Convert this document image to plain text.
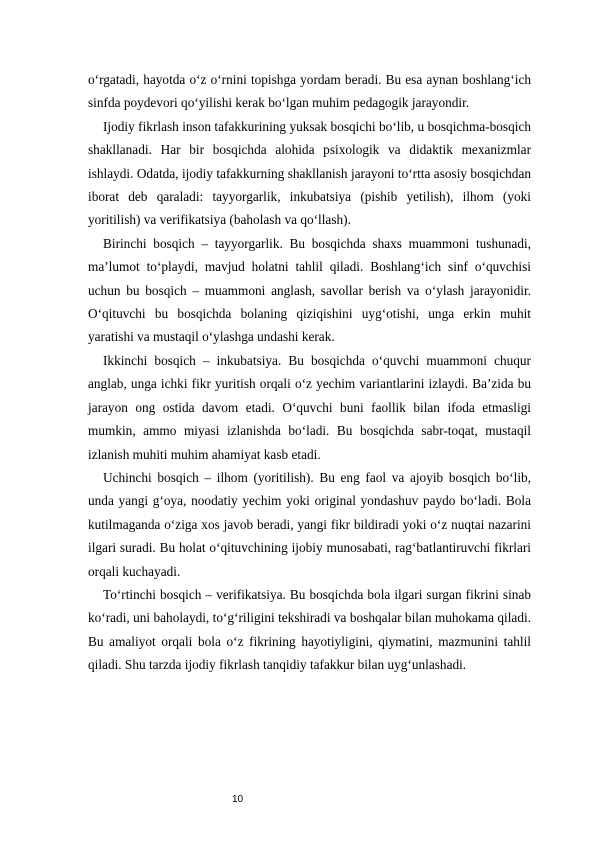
o‘rgatadi, hayotda o‘z o‘rnini topishga yordam beradi. Bu esa aynan boshlang‘ich sinfda poydevori qo‘yilishi kerak bo‘lgan muhim pedagogik jarayondir.

Ijodiy fikrlash inson tafakkurining yuksak bosqichi bo‘lib, u bosqichma-bosqich shakllanadi. Har bir bosqichda alohida psixologik va didaktik mexanizmlar ishlaydi. Odatda, ijodiy tafakkurning shakllanish jarayoni to‘rtta asosiy bosqichdan iborat deb qaraladi: tayyorgarlik, inkubatsiya (pishib yetilish), ilhom (yoki yoritilish) va verifikatsiya (baholash va qo‘llash).

Birinchi bosqich – tayyorgarlik. Bu bosqichda shaxs muammoni tushunadi, ma’lumot to‘playdi, mavjud holatni tahlil qiladi. Boshlang‘ich sinf o‘quvchisi uchun bu bosqich – muammoni anglash, savollar berish va o‘ylash jarayonidir. O‘qituvchi bu bosqichda bolaning qiziqishini uyg‘otishi, unga erkin muhit yaratishi va mustaqil o‘ylashga undashi kerak.

Ikkinchi bosqich – inkubatsiya. Bu bosqichda o‘quvchi muammoni chuqur anglab, unga ichki fikr yuritish orqali o‘z yechim variantlarini izlaydi. Ba’zida bu jarayon ong ostida davom etadi. O‘quvchi buni faollik bilan ifoda etmasligi mumkin, ammo miyasi izlanishda bo‘ladi. Bu bosqichda sabr-toqat, mustaqil izlanish muhiti muhim ahamiyat kasb etadi.

Uchinchi bosqich – ilhom (yoritilish). Bu eng faol va ajoyib bosqich bo‘lib, unda yangi g‘oya, noodatiy yechim yoki original yondashuv paydo bo‘ladi. Bola kutilmaganda o‘ziga xos javob beradi, yangi fikr bildiradi yoki o‘z nuqtai nazarini ilgari suradi. Bu holat o‘qituvchining ijobiy munosabati, rag‘batlantiruvchi fikrlari orqali kuchayadi.

To‘rtinchi bosqich – verifikatsiya. Bu bosqichda bola ilgari surgan fikrini sinab ko‘radi, uni baholaydi, to‘g‘riligini tekshiradi va boshqalar bilan muhokama qiladi. Bu amaliyot orqali bola o‘z fikrining hayotiyligini, qiymatini, mazmunini tahlil qiladi. Shu tarzda ijodiy fikrlash tanqidiy tafakkur bilan uyg‘unlashadi.

10
